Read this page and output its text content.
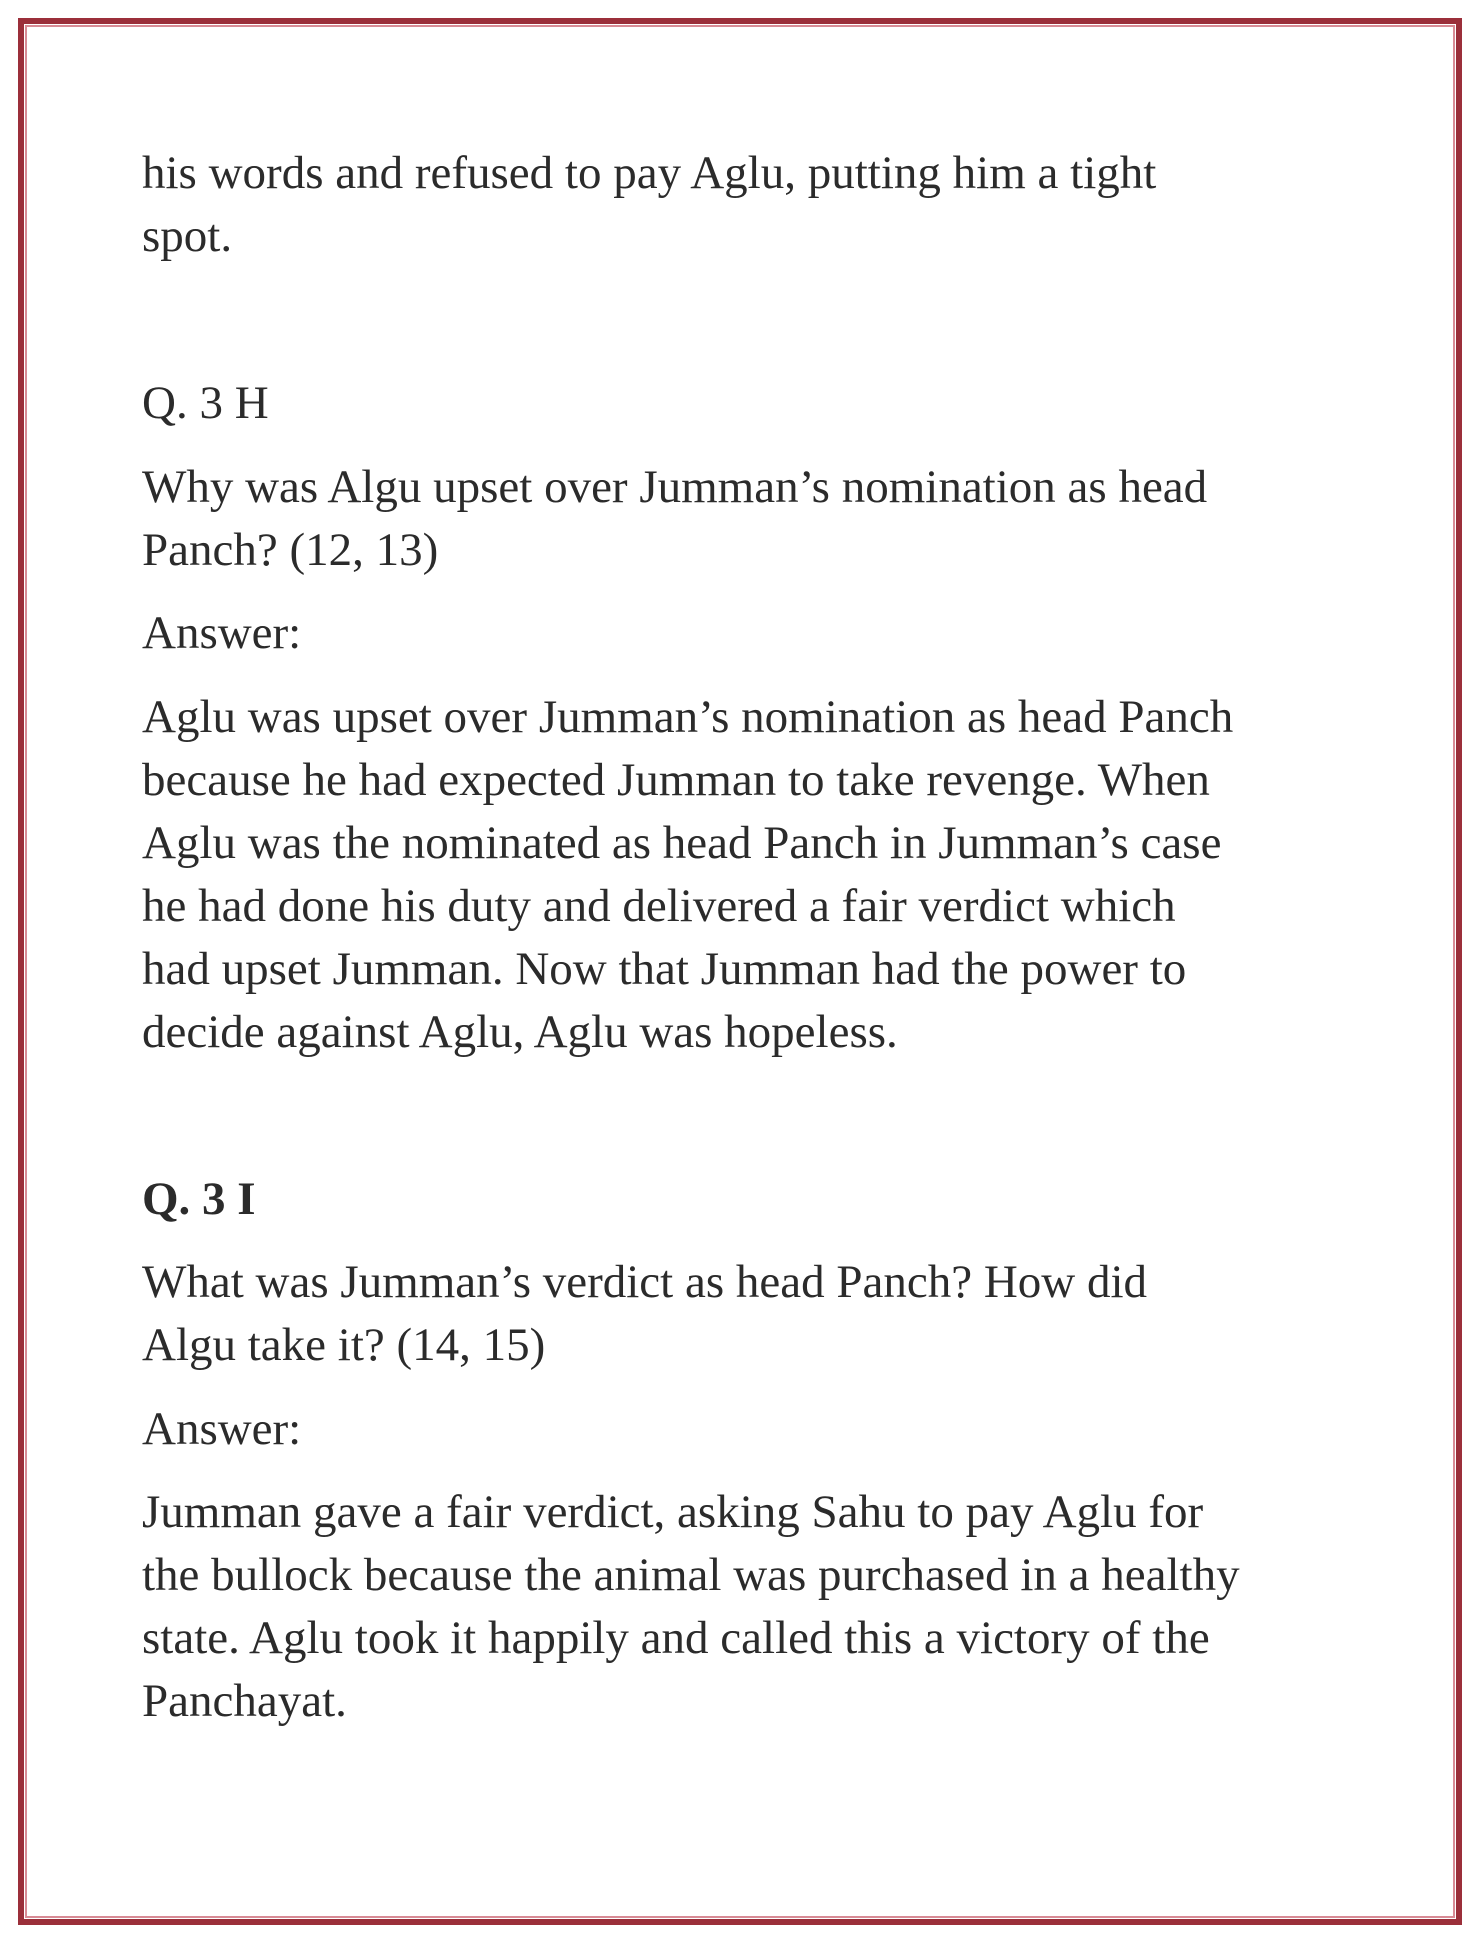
his words and refused to pay Aglu, putting him a tight
spot.
Q. 3 H
Why was Algu upset over Jumman’s nomination as head
Panch? (12, 13)
Answer:
Aglu was upset over Jumman’s nomination as head Panch
because he had expected Jumman to take revenge. When
Aglu was the nominated as head Panch in Jumman’s case
he had done his duty and delivered a fair verdict which
had upset Jumman. Now that Jumman had the power to
decide against Aglu, Aglu was hopeless.
Q. 3 I
What was Jumman’s verdict as head Panch? How did
Algu take it? (14, 15)
Answer:
Jumman gave a fair verdict, asking Sahu to pay Aglu for
the bullock because the animal was purchased in a healthy
state. Aglu took it happily and called this a victory of the
Panchayat.
